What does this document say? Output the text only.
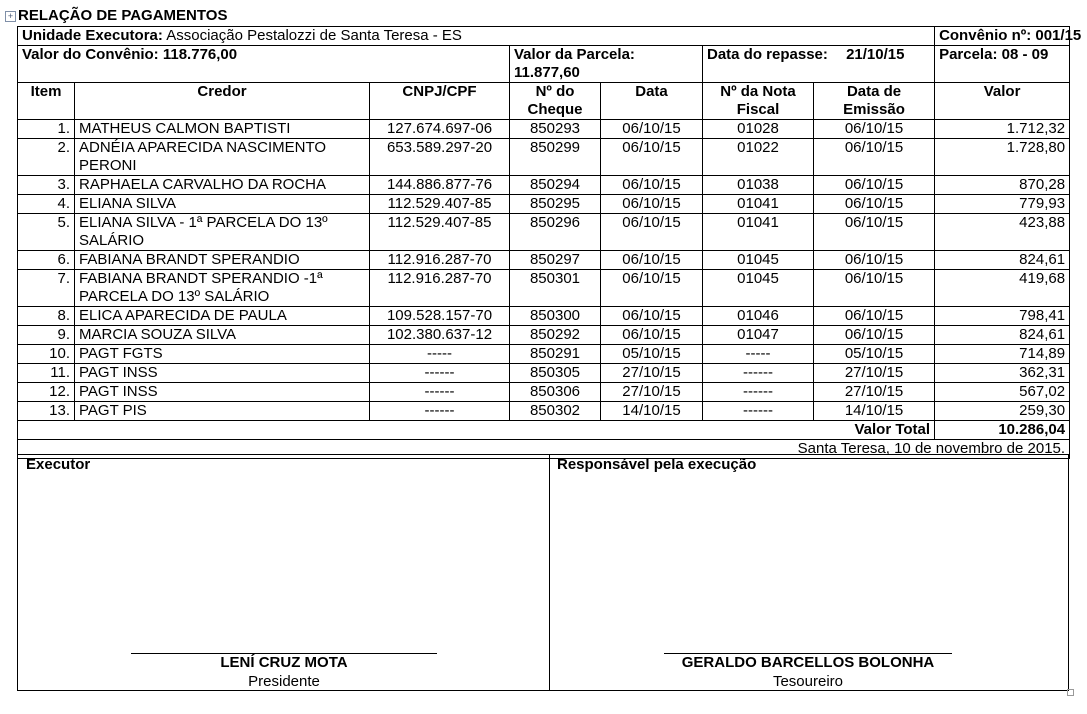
+ RELAÇÃO DE PAGAMENTOS
Unidade Executora: Associação Pestalozzi de Santa Teresa - ES							Convênio nº: 001/15
Valor do Convênio: 118.776,00			Valor da Parcela:
11.877,60		Data do repasse: 21/10/15		Parcela: 08 - 09
Item	Credor	CNPJ/CPF	Nº do Cheque	Data	Nº da Nota Fiscal	Data de Emissão	Valor
1.	MATHEUS CALMON BAPTISTI	127.674.697-06	850293	06/10/15	01028	06/10/15	1.712,32
2.	ADNÉIA APARECIDA NASCIMENTO PERONI	653.589.297-20	850299	06/10/15	01022	06/10/15	1.728,80
3.	RAPHAELA CARVALHO DA ROCHA	144.886.877-76	850294	06/10/15	01038	06/10/15	870,28
4.	ELIANA SILVA	112.529.407-85	850295	06/10/15	01041	06/10/15	779,93
5.	ELIANA SILVA - 1ª PARCELA DO 13º SALÁRIO	112.529.407-85	850296	06/10/15	01041	06/10/15	423,88
6.	FABIANA BRANDT SPERANDIO	112.916.287-70	850297	06/10/15	01045	06/10/15	824,61
7.	FABIANA BRANDT SPERANDIO -1ª PARCELA DO 13º SALÁRIO	112.916.287-70	850301	06/10/15	01045	06/10/15	419,68
8.	ELICA APARECIDA DE PAULA	109.528.157-70	850300	06/10/15	01046	06/10/15	798,41
9.	MARCIA SOUZA SILVA	102.380.637-12	850292	06/10/15	01047	06/10/15	824,61
10.	PAGT FGTS	-----	850291	05/10/15	-----	05/10/15	714,89
11.	PAGT INSS	------	850305	27/10/15	------	27/10/15	362,31
12.	PAGT INSS	------	850306	27/10/15	------	27/10/15	567,02
13.	PAGT PIS	------	850302	14/10/15	------	14/10/15	259,30
Valor Total							10.286,04
Santa Teresa, 10 de novembro de 2015.							
Executor	Responsável pela execução
LENÍ CRUZ MOTA
Presidente
GERALDO BARCELLOS BOLONHA
Tesoureiro
